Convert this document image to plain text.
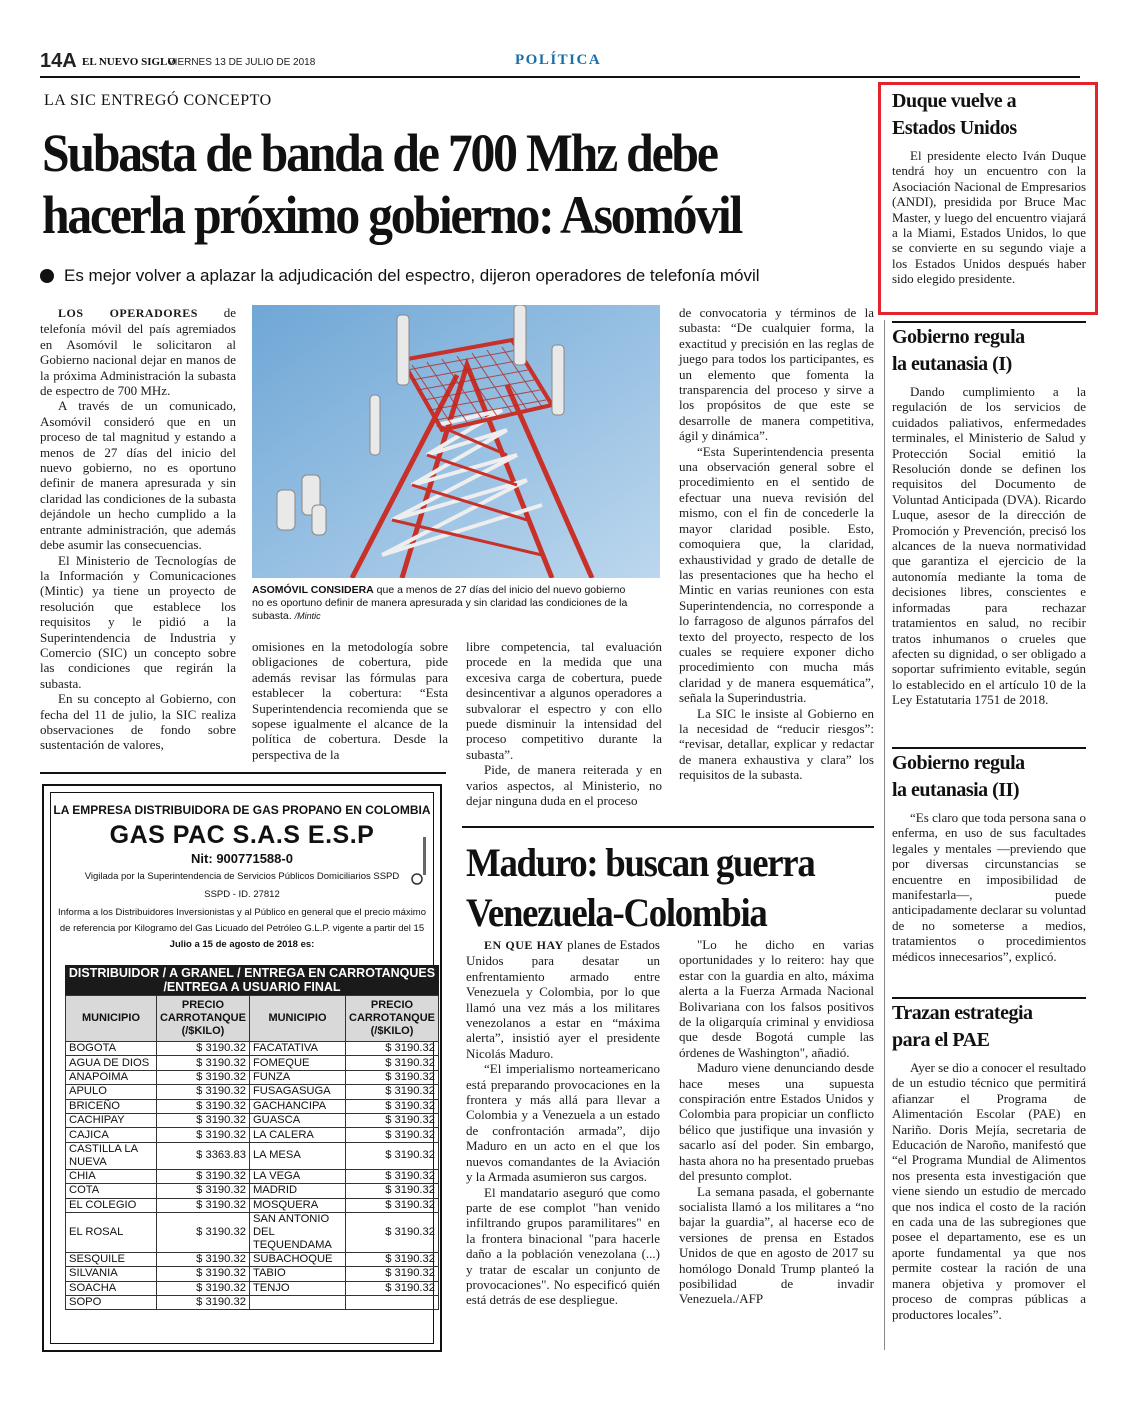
14A EL NUEVO SIGLO
VIERNES 13 DE JULIO DE 2018	POLÍTICA
LA SIC ENTREGÓ CONCEPTO
Subasta de banda de 700 Mhz debe
hacerla próximo gobierno: Asomóvil
Es mejor volver a aplazar la adjudicación del espectro, dijeron operadores de telefonía móvil

LOS OPERADORES de telefonía móvil del país agremiados en Asomóvil le solicitaron al Gobierno nacional dejar en manos de la próxima Administración la subasta de espectro de 700 MHz.

A través de un comunicado, Asomóvil consideró que en un proceso de tal magnitud y estando a menos de 27 días del inicio del nuevo gobierno, no es oportuno definir de manera apresurada y sin claridad las condiciones de la subasta dejándole un hecho cumplido a la entrante administración, que además debe asumir las consecuencias.

El Ministerio de Tecnologías de la Información y Comunicaciones (Mintic) ya tiene un proyecto de resolución que establece los requisitos y le pidió a la Superintendencia de Industria y Comercio (SIC) un concepto sobre las condiciones que regirán la subasta.

En su concepto al Gobierno, con fecha del 11 de julio, la SIC realiza observaciones de fondo sobre sustentación de valores,

ASOMÓVIL CONSIDERA que a menos de 27 días del inicio del nuevo gobierno no es oportuno definir de manera apresurada y sin claridad las condiciones de la subasta. /Mintic

omisiones en la metodología sobre obligaciones de cobertura, pide además revisar las fórmulas para establecer la cobertura: “Esta Superintendencia recomienda que se sopese igualmente el alcance de la política de cobertura. Desde la perspectiva de la

libre competencia, tal evaluación procede en la medida que una excesiva carga de cobertura, puede desincentivar a algunos operadores a subvalorar el espectro y con ello puede disminuir la intensidad del proceso competitivo durante la subasta”.

Pide, de manera reiterada y en varios aspectos, al Ministerio, no dejar ninguna duda en el proceso

de convocatoria y términos de la subasta: “De cualquier forma, la exactitud y precisión en las reglas de juego para todos los participantes, es un elemento que fomenta la transparencia del proceso y sirve a los propósitos de que este se desarrolle de manera competitiva, ágil y dinámica”.

“Esta Superintendencia presenta una observación general sobre el procedimiento en el sentido de efectuar una nueva revisión del mismo, con el fin de concederle la mayor claridad posible. Esto, comoquiera que, la claridad, exhaustividad y grado de detalle de las presentaciones que ha hecho el Mintic en varias reuniones con esta Superintendencia, no corresponde a lo farragoso de algunos párrafos del texto del proyecto, respecto de los cuales se requiere exponer dicho procedimiento con mucha más claridad y de manera esquemática”, señala la Superindustria.

La SIC le insiste al Gobierno en la necesidad de “reducir riesgos”: “revisar, detallar, explicar y redactar de manera exhaustiva y clara” los requisitos de la subasta.

LA EMPRESA DISTRIBUIDORA DE GAS PROPANO EN COLOMBIA
GAS PAC S.A.S E.S.P
Nit: 900771588-0
Vigilada por la Superintendencia de Servicios Públicos Domiciliarios SSPD
SSPD - ID. 27812
Informa a los Distribuidores Inversionistas y al Público en general que el precio máximo
de referencia por Kilogramo del Gas Licuado del Petróleo G.L.P. vigente a partir del 15
Julio a 15 de agosto de 2018 es:
DISTRIBUIDOR / A GRANEL / ENTREGA EN CARROTANQUES
/ENTREGA A USUARIO FINAL
MUNICIPIO	PRECIO
CARROTANQUE
(/$KILO)	MUNICIPIO	PRECIO
CARROTANQUE
(/$KILO)
BOGOTA	$ 3190.32	FACATATIVA	$ 3190.32
AGUA DE DIOS	$ 3190.32	FOMEQUE	$ 3190.32
ANAPOIMA	$ 3190.32	FUNZA	$ 3190.32
APULO	$ 3190.32	FUSAGASUGA	$ 3190.32
BRICEÑO	$ 3190.32	GACHANCIPA	$ 3190.32
CACHIPAY	$ 3190.32	GUASCA	$ 3190.32
CAJICA	$ 3190.32	LA CALERA	$ 3190.32
CASTILLA LA NUEVA	$ 3363.83	LA MESA	$ 3190.32
CHIA	$ 3190.32	LA VEGA	$ 3190.32
COTA	$ 3190.32	MADRID	$ 3190.32
EL COLEGIO	$ 3190.32	MOSQUERA	$ 3190.32
EL ROSAL	$ 3190.32	SAN ANTONIO DEL TEQUENDAMA	$ 3190.32
SESQUILE	$ 3190.32	SUBACHOQUE	$ 3190.32
SILVANIA	$ 3190.32	TABIO	$ 3190.32
SOACHA	$ 3190.32	TENJO	$ 3190.32
SOPO	$ 3190.32		
Maduro: buscan guerra
Venezuela-Colombia

EN QUE HAY planes de Estados Unidos para desatar un enfrentamiento armado entre Venezuela y Colombia, por lo que llamó una vez más a los militares venezolanos a estar en “máxima alerta”, insistió ayer el presidente Nicolás Maduro.

“El imperialismo norteamericano está preparando provocaciones en la frontera y más allá para llevar a Colombia y a Venezuela a un estado de confrontación armada”, dijo Maduro en un acto en el que los nuevos comandantes de la Aviación y la Armada asumieron sus cargos.

El mandatario aseguró que como parte de ese complot "han venido infiltrando grupos paramilitares" en la frontera binacional "para hacerle daño a la población venezolana (...) y tratar de escalar un conjunto de provocaciones". No especificó quién está detrás de ese despliegue.

"Lo he dicho en varias oportunidades y lo reitero: hay que estar con la guardia en alto, máxima alerta a la Fuerza Armada Nacional Bolivariana con los falsos positivos de la oligarquía criminal y envidiosa que desde Bogotá cumple las órdenes de Washington", añadió.

Maduro viene denunciando desde hace meses una supuesta conspiración entre Estados Unidos y Colombia para propiciar un conflicto bélico que justifique una invasión y sacarlo así del poder. Sin embargo, hasta ahora no ha presentado pruebas del presunto complot.

La semana pasada, el gobernante socialista llamó a los militares a “no bajar la guardia”, al hacerse eco de versiones de prensa en Estados Unidos de que en agosto de 2017 su homólogo Donald Trump planteó la posibilidad de invadir Venezuela./AFP

Duque vuelve a
Estados Unidos

El presidente electo Iván Duque tendrá hoy un encuentro con la Asociación Nacional de Empresarios (ANDI), presidida por Bruce Mac Master, y luego del encuentro viajará a la Miami, Estados Unidos, lo que se convierte en su segundo viaje a los Estados Unidos después haber sido elegido presidente.

Gobierno regula
la eutanasia (I)

Dando cumplimiento a la regulación de los servicios de cuidados paliativos, enfermedades terminales, el Ministerio de Salud y Protección Social emitió la Resolución donde se definen los requisitos del Documento de Voluntad Anticipada (DVA). Ricardo Luque, asesor de la dirección de Promoción y Prevención, precisó los alcances de la nueva normatividad que garantiza el ejercicio de la autonomía mediante la toma de decisiones libres, conscientes e informadas para rechazar tratamientos en salud, no recibir tratos inhumanos o crueles que afecten su dignidad, o ser obligado a soportar sufrimiento evitable, según lo establecido en el artículo 10 de la Ley Estatutaria 1751 de 2018.

Gobierno regula
la eutanasia (II)

“Es claro que toda persona sana o enferma, en uso de sus facultades legales y mentales —previendo que por diversas circunstancias se encuentre en imposibilidad de manifestarla—, puede anticipadamente declarar su voluntad de no someterse a medios, tratamientos o procedimientos médicos innecesarios”, explicó.

Trazan estrategia
para el PAE

Ayer se dio a conocer el resultado de un estudio técnico que permitirá afianzar el Programa de Alimentación Escolar (PAE) en Nariño. Doris Mejía, secretaria de Educación de Naroño, manifestó que “el Programa Mundial de Alimentos nos presenta esta investigación que viene siendo un estudio de mercado que nos indica el costo de la ración en cada una de las subregiones que posee el departamento, ese es un aporte fundamental ya que nos permite costear la ración de una manera objetiva y promover el proceso de compras públicas a productores locales”.
